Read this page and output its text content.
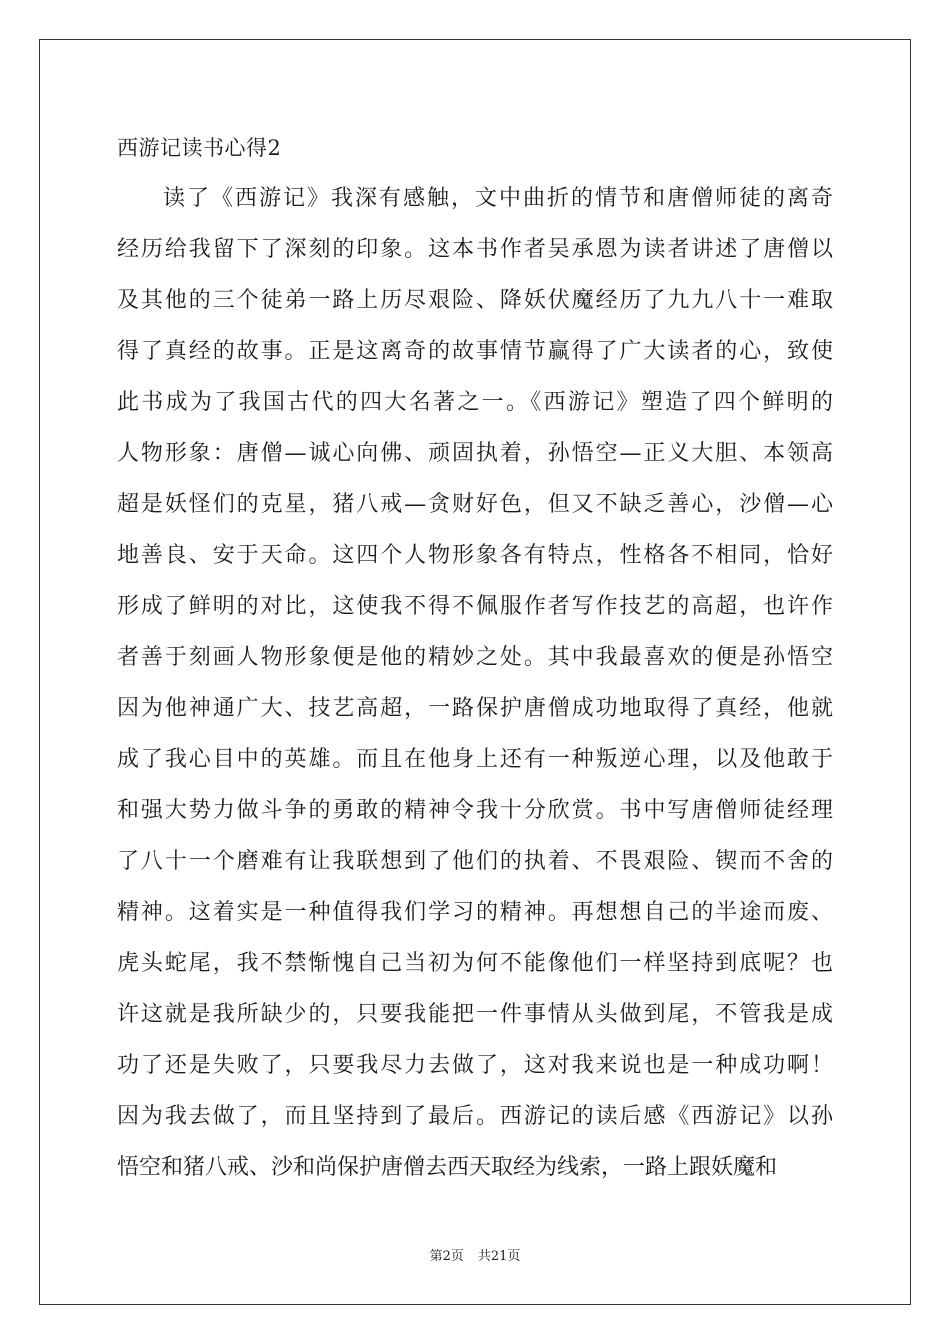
西游记读书心得2
读了《西游记》我深有感触，文中曲折的情节和唐僧师徒的离奇
经历给我留下了深刻的印象。这本书作者吴承恩为读者讲述了唐僧以
及其他的三个徒弟一路上历尽艰险、降妖伏魔经历了九九八十一难取
得了真经的故事。正是这离奇的故事情节赢得了广大读者的心，致使
此书成为了我国古代的四大名著之一。《西游记》塑造了四个鲜明的
人物形象：唐僧—诚心向佛、顽固执着，孙悟空—正义大胆、本领高
超是妖怪们的克星，猪八戒—贪财好色，但又不缺乏善心，沙僧—心
地善良、安于天命。这四个人物形象各有特点，性格各不相同，恰好
形成了鲜明的对比，这使我不得不佩服作者写作技艺的高超，也许作
者善于刻画人物形象便是他的精妙之处。其中我最喜欢的便是孙悟空
因为他神通广大、技艺高超，一路保护唐僧成功地取得了真经，他就
成了我心目中的英雄。而且在他身上还有一种叛逆心理，以及他敢于
和强大势力做斗争的勇敢的精神令我十分欣赏。书中写唐僧师徒经理
了八十一个磨难有让我联想到了他们的执着、不畏艰险、锲而不舍的
精神。这着实是一种值得我们学习的精神。再想想自己的半途而废、
虎头蛇尾，我不禁惭愧自己当初为何不能像他们一样坚持到底呢？也
许这就是我所缺少的，只要我能把一件事情从头做到尾，不管我是成
功了还是失败了，只要我尽力去做了，这对我来说也是一种成功啊！
因为我去做了，而且坚持到了最后。西游记的读后感《西游记》以孙
悟空和猪八戒、沙和尚保护唐僧去西天取经为线索，一路上跟妖魔和
第2页 共21页
